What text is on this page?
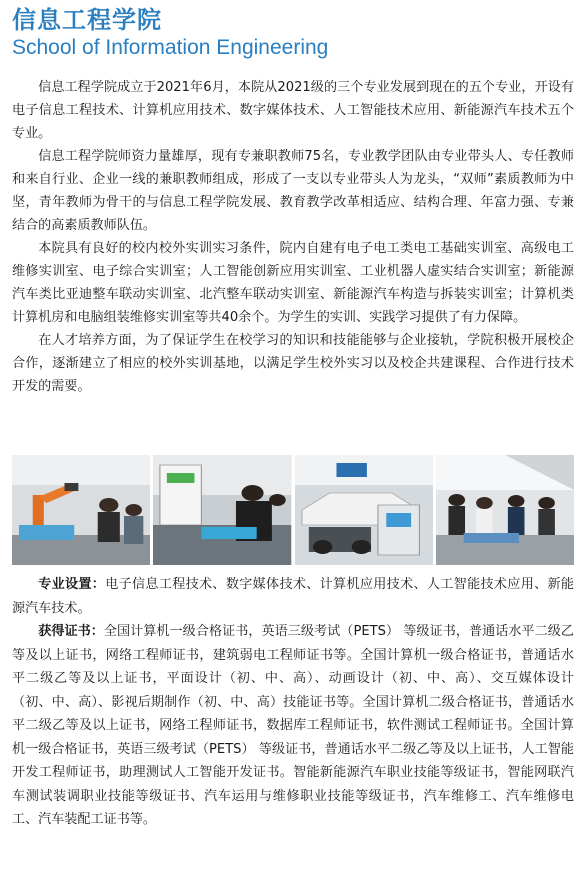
信息工程学院
School of Information Engineering

信息工程学院成立于2021年6月，本院从2021级的三个专业发展到现在的五个专业，开设有电子信息工程技术、计算机应用技术、数字媒体技术、人工智能技术应用、新能源汽车技术五个专业。

信息工程学院师资力量雄厚，现有专兼职教师75名，专业教学团队由专业带头人、专任教师和来自行业、企业一线的兼职教师组成，形成了一支以专业带头人为龙头，“双师”素质教师为中坚，青年教师为骨干的与信息工程学院发展、教育教学改革相适应、结构合理、年富力强、专兼结合的高素质教师队伍。

本院具有良好的校内校外实训实习条件，院内自建有电子电工类电工基础实训室、高级电工维修实训室、电子综合实训室；人工智能创新应用实训室、工业机器人虚实结合实训室；新能源汽车类比亚迪整车联动实训室、北汽整车联动实训室、新能源汽车构造与拆装实训室；计算机类计算机房和电脑组装维修实训室等共40余个。为学生的实训、实践学习提供了有力保障。

在人才培养方面，为了保证学生在校学习的知识和技能能够与企业接轨，学院积极开展校企合作，逐渐建立了相应的校外实训基地，以满足学生校外实习以及校企共建课程、合作进行技术开发的需要。

专业设置：电子信息工程技术、数字媒体技术、计算机应用技术、人工智能技术应用、新能源汽车技术。

获得证书：全国计算机一级合格证书，英语三级考试（PETS） 等级证书，普通话水平二级乙等及以上证书，网络工程师证书，建筑弱电工程师证书等。全国计算机一级合格证书，普通话水平二级乙等及以上证书，平面设计（初、中、高）、动画设计（初、中、高）、交互媒体设计（初、中、高）、影视后期制作（初、中、高）技能证书等。全国计算机二级合格证书，普通话水平二级乙等及以上证书，网络工程师证书，数据库工程师证书，软件测试工程师证书。全国计算机一级合格证书，英语三级考试（PETS） 等级证书，普通话水平二级乙等及以上证书，人工智能开发工程师证书，助理测试人工智能开发证书。智能新能源汽车职业技能等级证书，智能网联汽车测试装调职业技能等级证书、汽车运用与维修职业技能等级证书，汽车维修工、汽车维修电工、汽车装配工证书等。
